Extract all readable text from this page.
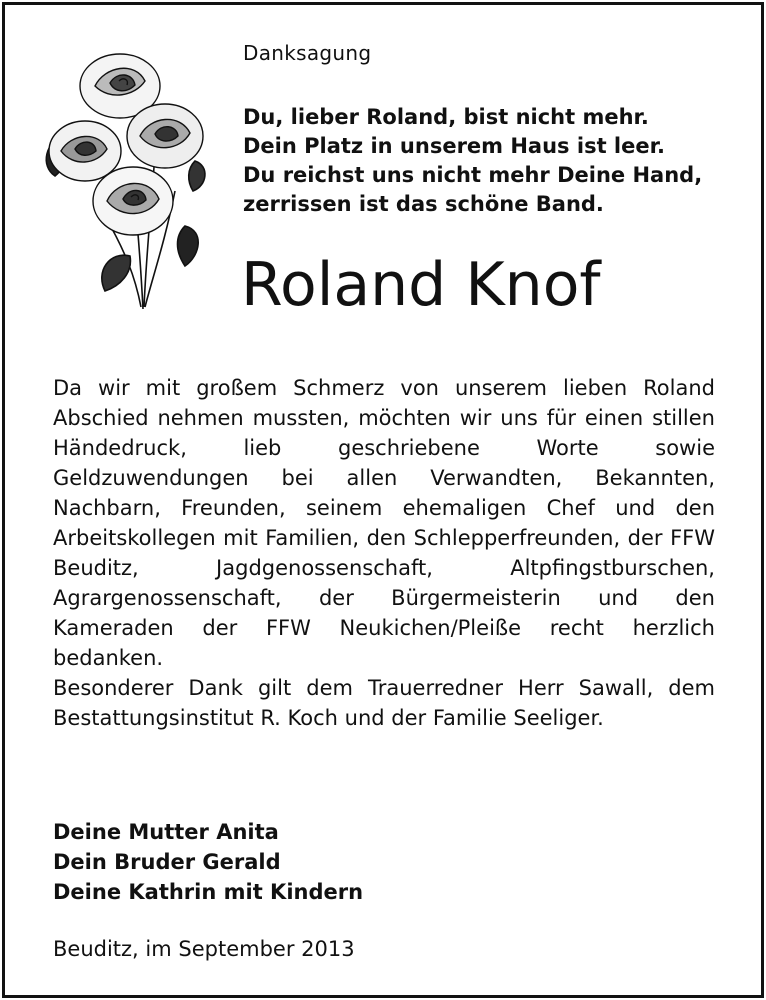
Danksagung
Du, lieber Roland, bist nicht mehr.
Dein Platz in unserem Haus ist leer.
Du reichst uns nicht mehr Deine Hand,
zerrissen ist das schöne Band.
Roland Knof

Da wir mit großem Schmerz von unserem lieben Roland Abschied nehmen mussten, möchten wir uns für einen stillen Händedruck, lieb geschriebene Worte sowie Geldzuwendungen bei allen Verwandten, Bekannten, Nachbarn, Freunden, seinem ehemaligen Chef und den Arbeitskollegen mit Familien, den Schlepperfreunden, der FFW Beuditz, Jagdgenossenschaft, Altpfingstburschen, Agrargenossenschaft, der Bürgermeisterin und den Kameraden der FFW Neukichen/Pleiße recht herzlich bedanken.

Besonderer Dank gilt dem Trauerredner Herr Sawall, dem Bestattungsinstitut R. Koch und der Familie Seeliger.

Deine Mutter Anita
Dein Bruder Gerald
Deine Kathrin mit Kindern
Beuditz, im September 2013
